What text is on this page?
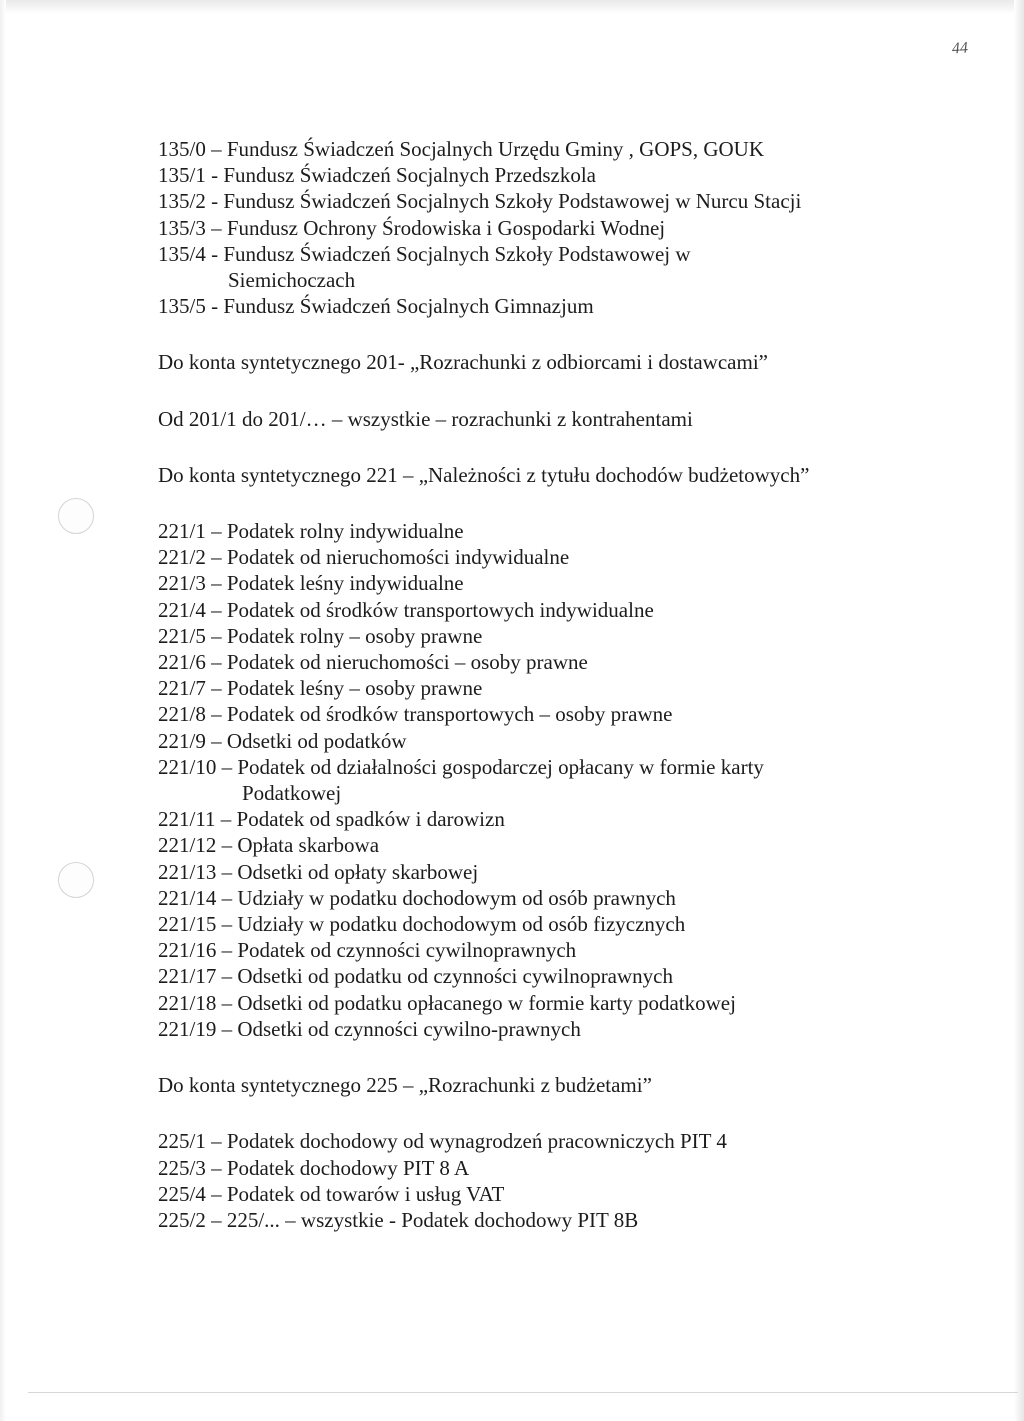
44
135/0 – Fundusz Świadczeń Socjalnych Urzędu Gminy , GOPS, GOUK
135/1 - Fundusz Świadczeń Socjalnych Przedszkola
135/2 - Fundusz Świadczeń Socjalnych Szkoły Podstawowej w Nurcu Stacji
135/3 – Fundusz Ochrony Środowiska i Gospodarki Wodnej
135/4 - Fundusz Świadczeń Socjalnych Szkoły Podstawowej w
Siemichoczach
135/5 - Fundusz Świadczeń Socjalnych Gimnazjum
Do konta syntetycznego 201- „Rozrachunki z odbiorcami i dostawcami”
Od 201/1 do 201/… – wszystkie – rozrachunki z kontrahentami
Do konta syntetycznego 221 – „Należności z tytułu dochodów budżetowych”
221/1 – Podatek rolny indywidualne
221/2 – Podatek od nieruchomości indywidualne
221/3 – Podatek leśny indywidualne
221/4 – Podatek od środków transportowych indywidualne
221/5 – Podatek rolny – osoby prawne
221/6 – Podatek od nieruchomości – osoby prawne
221/7 – Podatek leśny – osoby prawne
221/8 – Podatek od środków transportowych – osoby prawne
221/9 – Odsetki od podatków
221/10 – Podatek od działalności gospodarczej opłacany w formie karty
Podatkowej
221/11 – Podatek od spadków i darowizn
221/12 – Opłata skarbowa
221/13 – Odsetki od opłaty skarbowej
221/14 – Udziały w podatku dochodowym od osób prawnych
221/15 – Udziały w podatku dochodowym od osób fizycznych
221/16 – Podatek od czynności cywilnoprawnych
221/17 – Odsetki od podatku od czynności cywilnoprawnych
221/18 – Odsetki od podatku opłacanego w formie karty podatkowej
221/19 – Odsetki od czynności cywilno-prawnych
Do konta syntetycznego 225 – „Rozrachunki z budżetami”
225/1 – Podatek dochodowy od wynagrodzeń pracowniczych PIT 4
225/3 – Podatek dochodowy PIT 8 A
225/4 – Podatek od towarów i usług VAT
225/2 – 225/... – wszystkie - Podatek dochodowy PIT 8B
